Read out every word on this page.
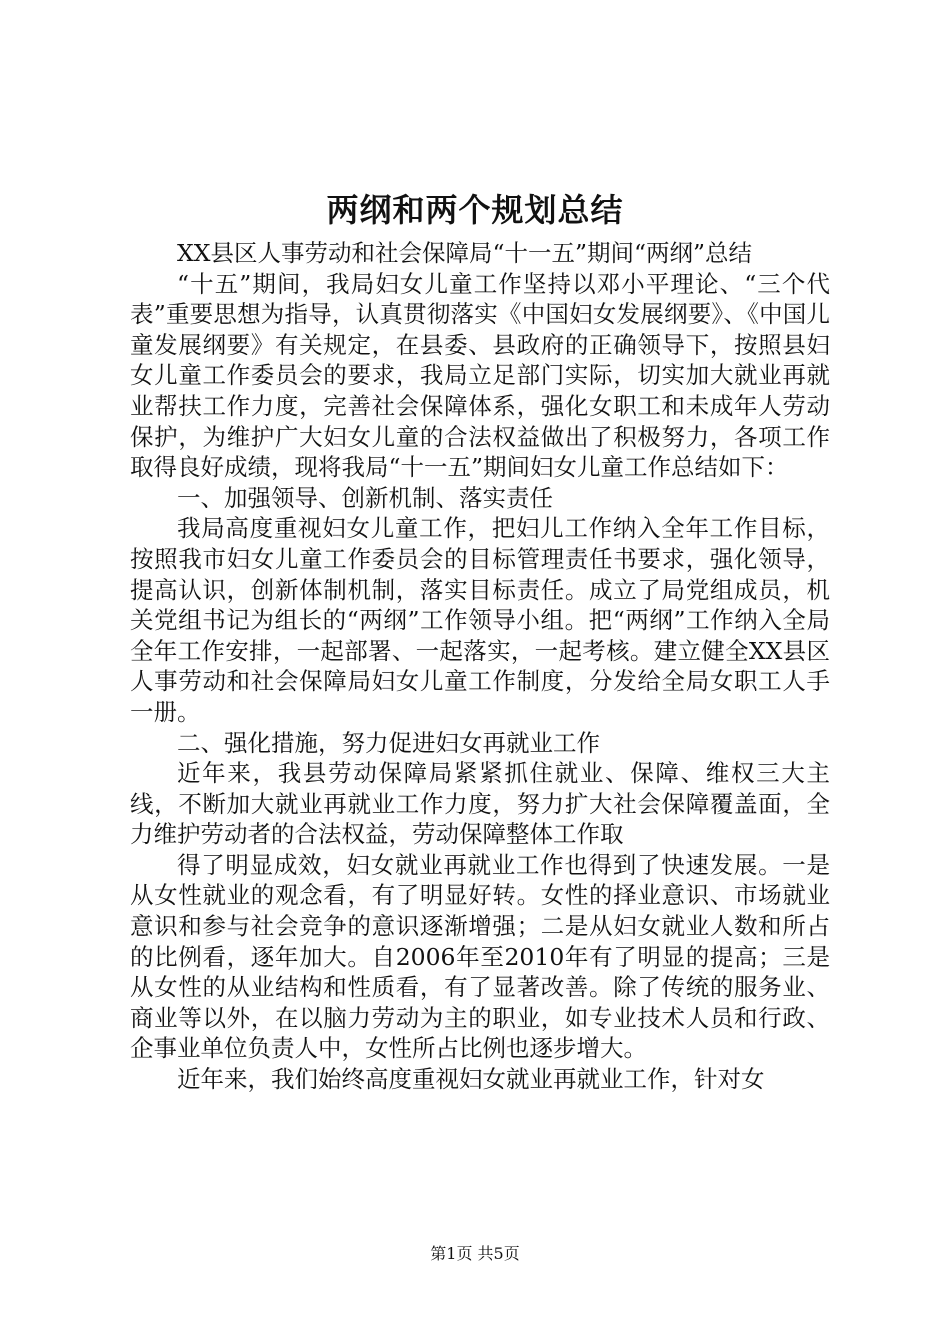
两纲和两个规划总结

XX县区人事劳动和社会保障局“十一五”期间“两纲”总结

“十五”期间，我局妇女儿童工作坚持以邓小平理论、“三个代表”重要思想为指导，认真贯彻落实《中国妇女发展纲要》、《中国儿童发展纲要》有关规定，在县委、县政府的正确领导下，按照县妇女儿童工作委员会的要求，我局立足部门实际，切实加大就业再就业帮扶工作力度，完善社会保障体系，强化女职工和未成年人劳动保护，为维护广大妇女儿童的合法权益做出了积极努力，各项工作取得良好成绩，现将我局“十一五”期间妇女儿童工作总结如下：

一、加强领导、创新机制、落实责任

我局高度重视妇女儿童工作，把妇儿工作纳入全年工作目标，按照我市妇女儿童工作委员会的目标管理责任书要求，强化领导，提高认识，创新体制机制，落实目标责任。成立了局党组成员，机关党组书记为组长的“两纲”工作领导小组。把“两纲”工作纳入全局全年工作安排，一起部署、一起落实，一起考核。建立健全XX县区人事劳动和社会保障局妇女儿童工作制度，分发给全局女职工人手一册。

二、强化措施，努力促进妇女再就业工作

近年来，我县劳动保障局紧紧抓住就业、保障、维权三大主线，不断加大就业再就业工作力度，努力扩大社会保障覆盖面，全力维护劳动者的合法权益，劳动保障整体工作取

得了明显成效，妇女就业再就业工作也得到了快速发展。一是从女性就业的观念看，有了明显好转。女性的择业意识、市场就业意识和参与社会竞争的意识逐渐增强；二是从妇女就业人数和所占的比例看，逐年加大。自2006年至2010年有了明显的提高；三是从女性的从业结构和性质看，有了显著改善。除了传统的服务业、商业等以外，在以脑力劳动为主的职业，如专业技术人员和行政、企事业单位负责人中，女性所占比例也逐步增大。

近年来，我们始终高度重视妇女就业再就业工作，针对女

第1页 共5页
